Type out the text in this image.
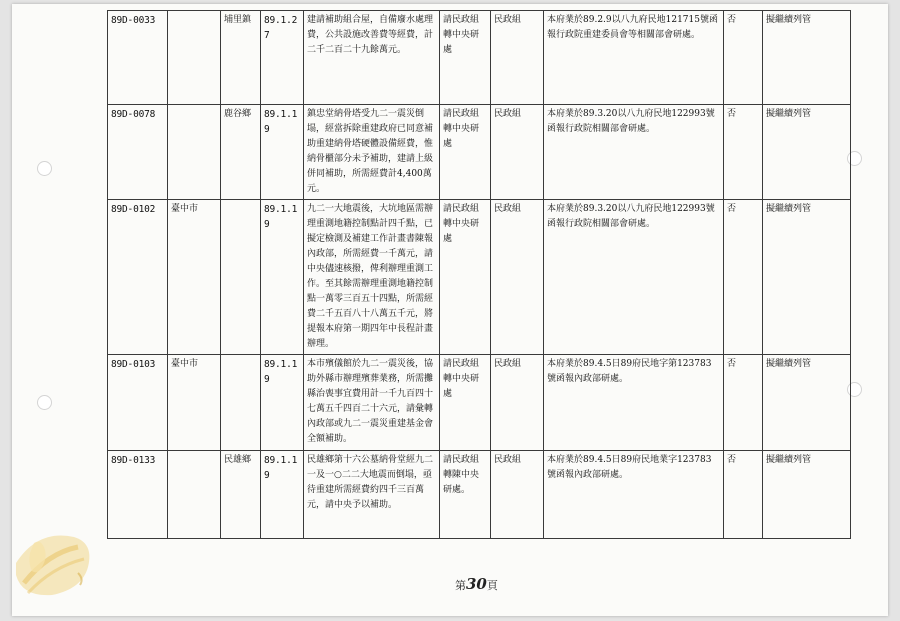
89D-0033		埔里鎮	89.1.27	建請補助組合屋，自備廢水處理費，公共設施改善費等經費，計二千二百二十九餘萬元。	請民政組轉中央研處	民政組	本府業於89.2.9以八九府民地121715號函報行政院重建委員會等相關部會研處。	否	擬繼續列管
89D-0078		鹿谷鄉	89.1.19	鎮忠堂納骨塔受九二一震災倒塌，經當拆除重建政府已同意補助重建納骨塔硬體設備經費，惟納骨櫃部分未予補助，建請上級併同補助，所需經費計4,400萬元。	請民政組轉中央研處	民政組	本府業於89.3.20以八九府民地122993號函報行政院相關部會研處。	否	擬繼續列管
89D-0102	臺中市		89.1.19	九二一大地震後，大坑地區需辦理重測地籍控制點計四千點，已擬定檢測及補建工作計畫書陳報內政部，所需經費一千萬元，請中央儘速核撥，俾利辦理重測工作。至其餘需辦理重測地籍控制點一萬零三百五十四點，所需經費二千五百八十八萬五千元，將提報本府第一期四年中長程計畫辦理。	請民政組轉中央研處	民政組	本府業於89.3.20以八九府民地122993號函報行政院相關部會研處。	否	擬繼續列管
89D-0103	臺中市		89.1.19	本市殯儀館於九二一震災後，協助外縣市辦理殯葬業務，所需攤縣治喪事宜費用計一千九百四十七萬五千四百二十六元，請彙轉內政部或九二一震災重建基金會全額補助。	請民政組轉中央研處	民政組	本府業於89.4.5日89府民地字第123783號函報內政部研處。	否	擬繼續列管
89D-0133		民雄鄉	89.1.19	民雄鄉第十六公墓納骨堂經九二一及一○二二大地震而倒塌，亟待重建所需經費約四千三百萬元，請中央予以補助。	請民政組轉陳中央研處。	民政組	本府業於89.4.5日89府民地業字123783號函報內政部研處。	否	擬繼續列管
第30頁
